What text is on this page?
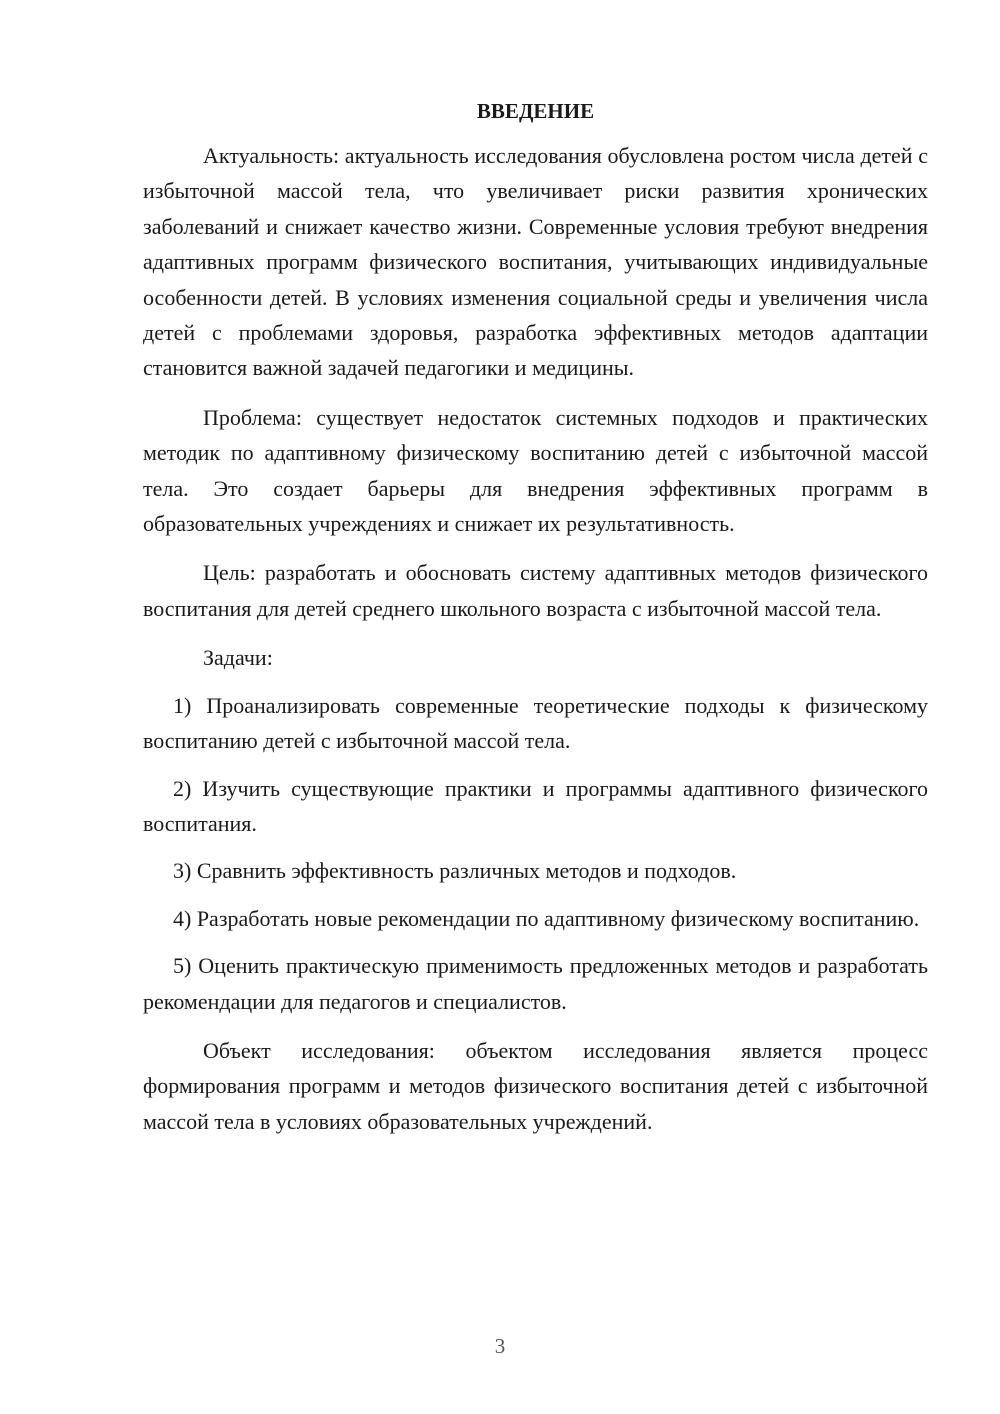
ВВЕДЕНИЕ

Актуальность: актуальность исследования обусловлена ростом числа детей с избыточной массой тела, что увеличивает риски развития хронических заболеваний и снижает качество жизни. Современные условия требуют внедрения адаптивных программ физического воспитания, учитывающих индивидуальные особенности детей. В условиях изменения социальной среды и увеличения числа детей с проблемами здоровья, разработка эффективных методов адаптации становится важной задачей педагогики и медицины.

Проблема: существует недостаток системных подходов и практических методик по адаптивному физическому воспитанию детей с избыточной массой тела. Это создает барьеры для внедрения эффективных программ в образовательных учреждениях и снижает их результативность.

Цель: разработать и обосновать систему адаптивных методов физического воспитания для детей среднего школьного возраста с избыточной массой тела.

Задачи:

1) Проанализировать современные теоретические подходы к физическому воспитанию детей с избыточной массой тела.

2) Изучить существующие практики и программы адаптивного физического воспитания.

3) Сравнить эффективность различных методов и подходов.

4) Разработать новые рекомендации по адаптивному физическому воспитанию.

5) Оценить практическую применимость предложенных методов и разработать рекомендации для педагогов и специалистов.

Объект исследования: объектом исследования является процесс формирования программ и методов физического воспитания детей с избыточной массой тела в условиях образовательных учреждений.

3
